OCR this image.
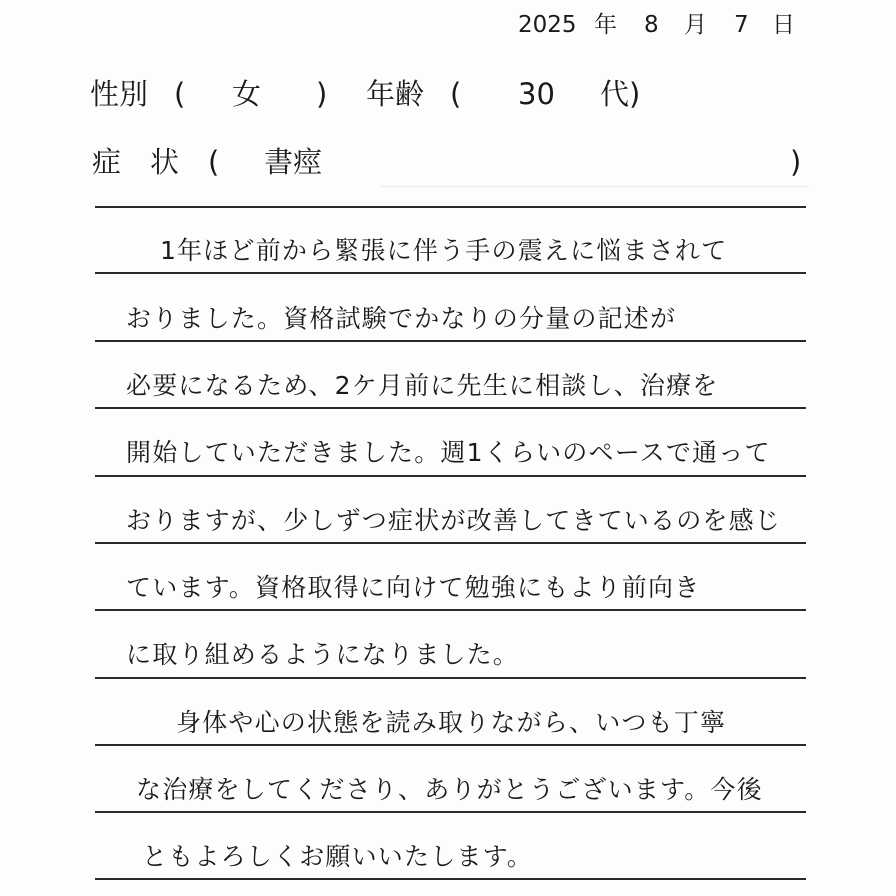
2025 年 8 月 7 日
性別 ( 女 ) 年齢 ( 30 代)
症　状 ( 書痙	)
1年ほど前から緊張に伴う手の震えに悩まされて
おりました。資格試験でかなりの分量の記述が
必要になるため、2ケ月前に先生に相談し、治療を
開始していただきました。週1くらいのペースで通って
おりますが、少しずつ症状が改善してきているのを感じ
ています。資格取得に向けて勉強にもより前向き
に取り組めるようになりました。
身体や心の状態を読み取りながら、いつも丁寧
な治療をしてくださり、ありがとうございます。今後
ともよろしくお願いいたします。
